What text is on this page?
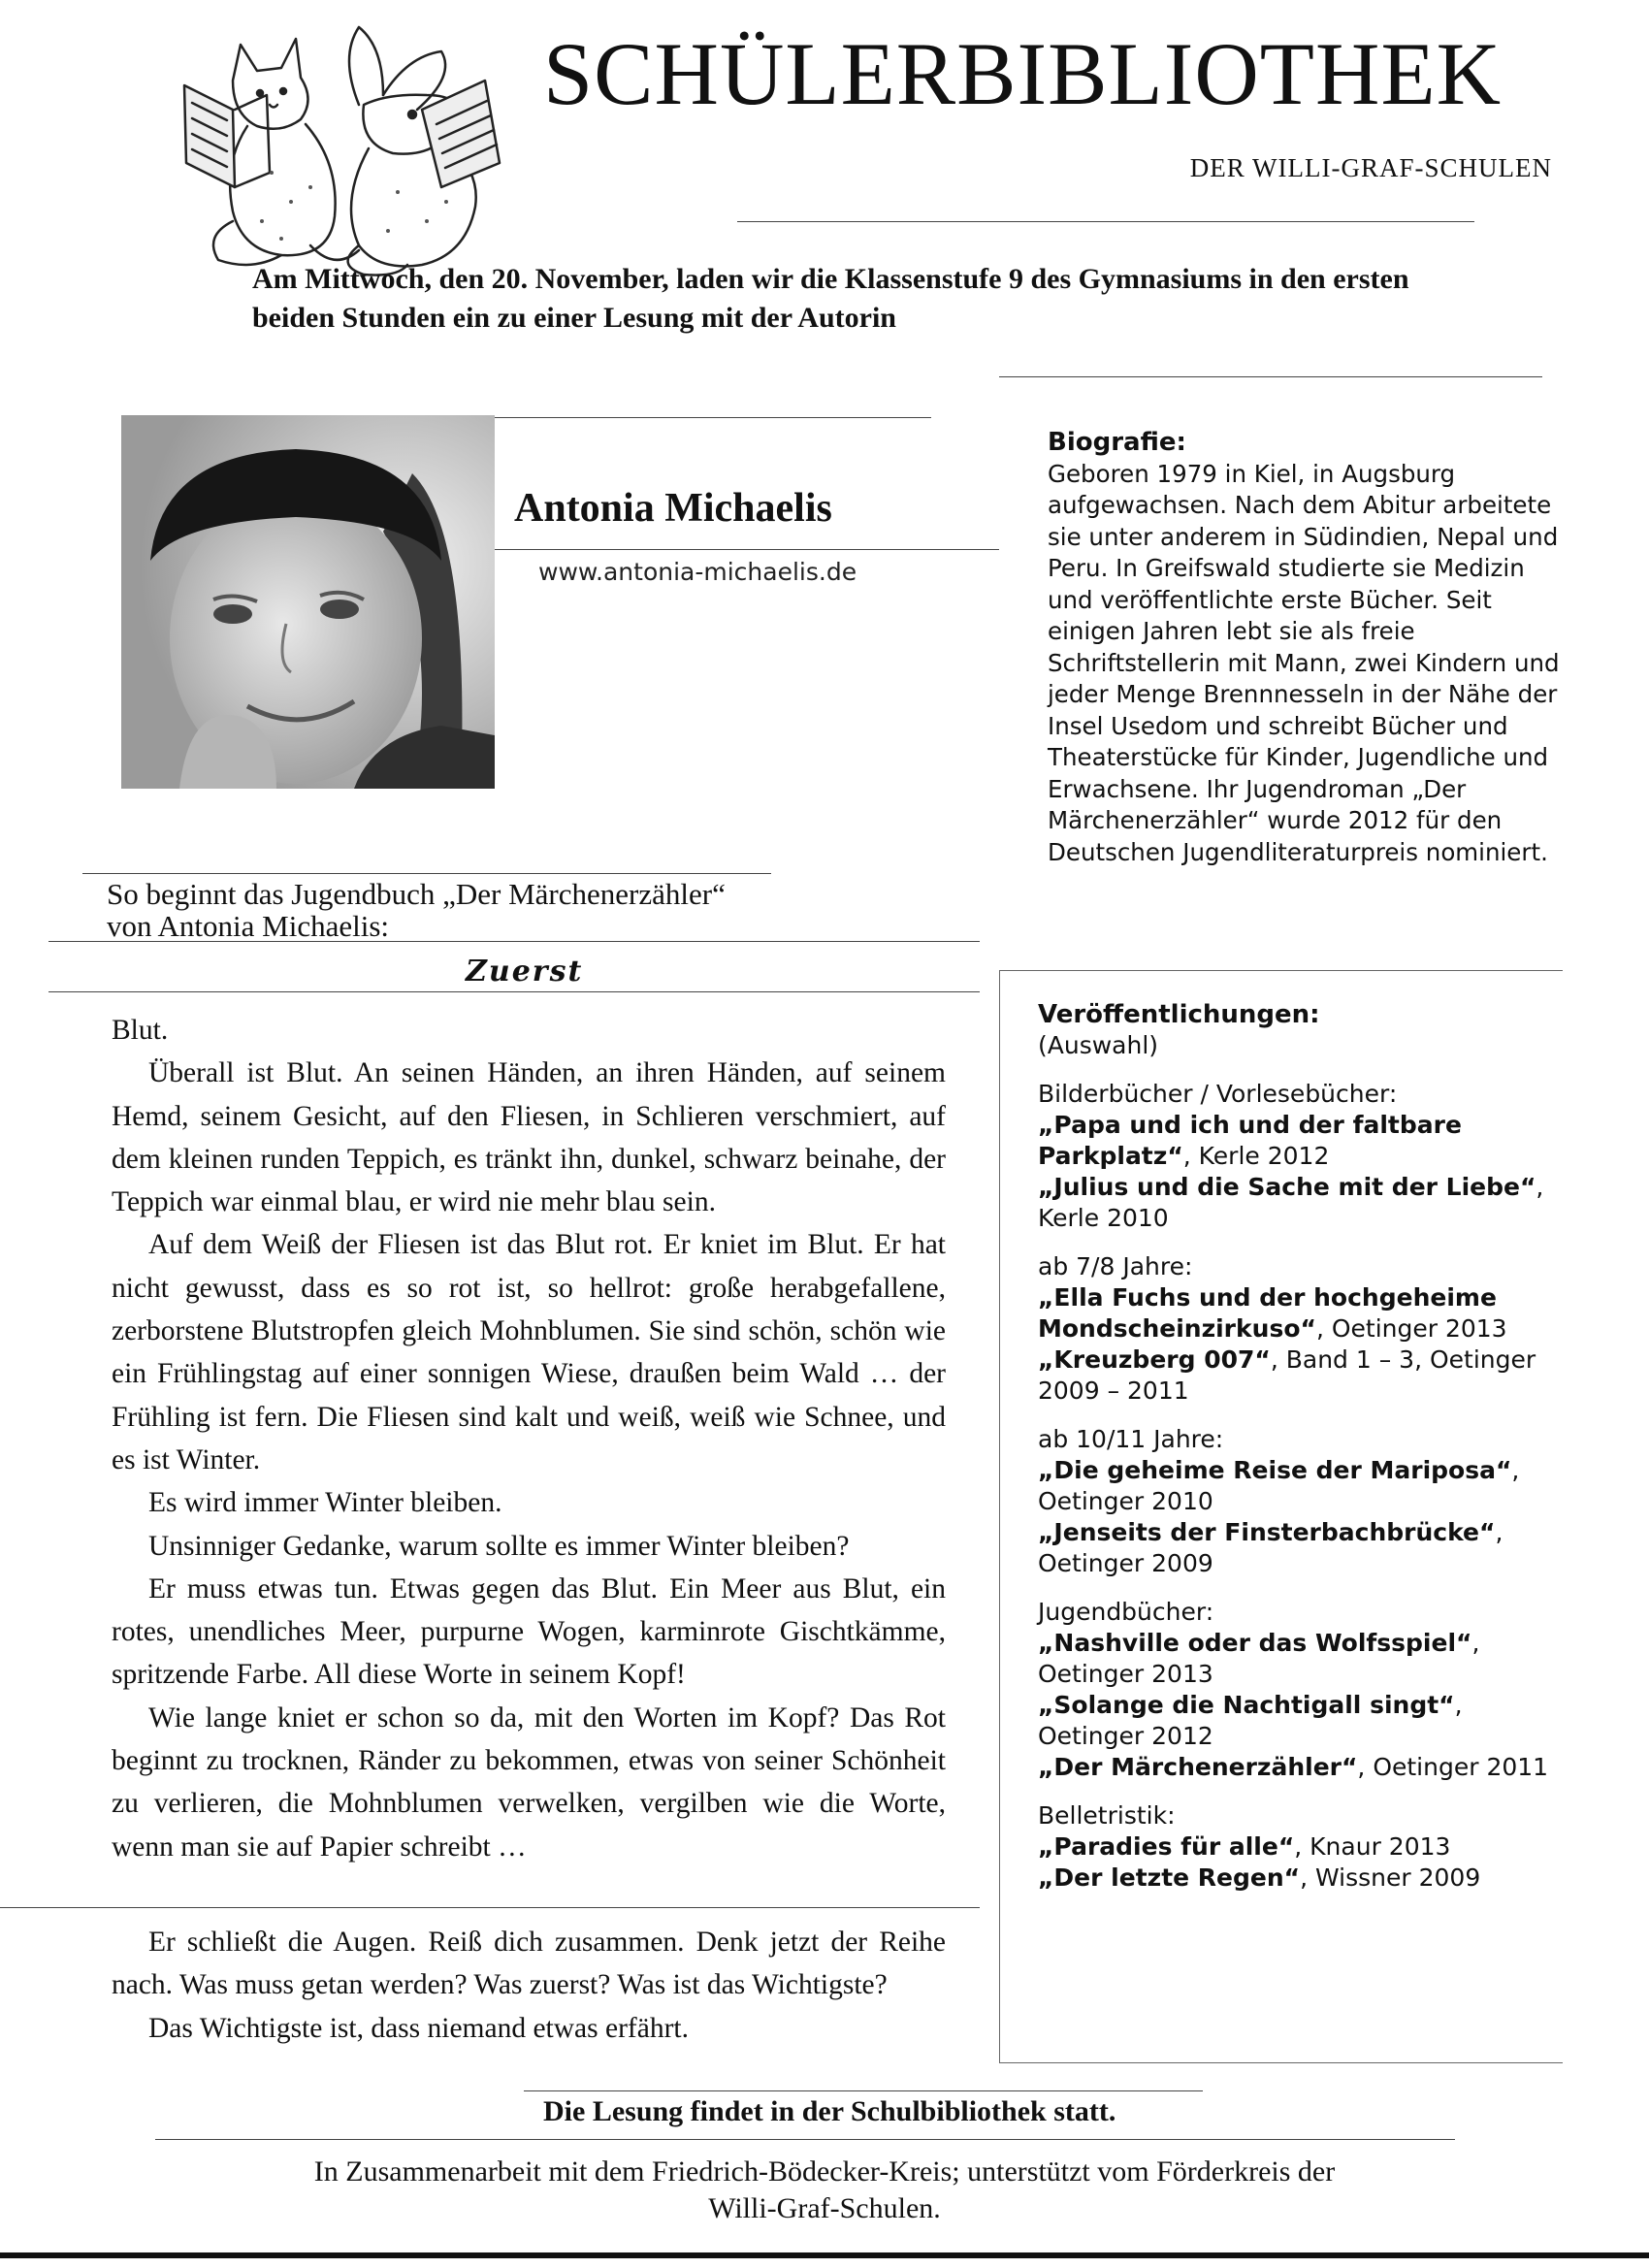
SCHÜLERBIBLIOTHEK
DER WILLI-GRAF-SCHULEN
Am Mittwoch, den 20. November, laden wir die Klassenstufe 9 des Gymnasiums in den ersten beiden Stunden ein zu einer Lesung mit der Autorin
Antonia Michaelis
www.antonia-michaelis.de
Biografie:
Geboren 1979 in Kiel, in Augsburg aufgewachsen. Nach dem Abitur arbeitete sie unter anderem in Südindien, Nepal und Peru. In Greifswald studierte sie Medizin und veröffentlichte erste Bücher. Seit einigen Jahren lebt sie als freie Schriftstellerin mit Mann, zwei Kindern und jeder Menge Brennnesseln in der Nähe der Insel Usedom und schreibt Bücher und Theaterstücke für Kinder, Jugendliche und Erwachsene. Ihr Jugendroman „Der Märchenerzähler“ wurde 2012 für den Deutschen Jugendliteraturpreis nominiert.
Veröffentlichungen:
(Auswahl)
Bilderbücher / Vorlesebücher:
„Papa und ich und der faltbare Parkplatz“, Kerle 2012
„Julius und die Sache mit der Liebe“, Kerle 2010
ab 7/8 Jahre:
„Ella Fuchs und der hochgeheime Mondscheinzirkuso“, Oetinger 2013
„Kreuzberg 007“, Band 1 – 3, Oetinger 2009 – 2011
ab 10/11 Jahre:
„Die geheime Reise der Mariposa“, Oetinger 2010
„Jenseits der Finsterbachbrücke“, Oetinger 2009
Jugendbücher:
„Nashville oder das Wolfsspiel“, Oetinger 2013
„Solange die Nachtigall singt“, Oetinger 2012
„Der Märchenerzähler“, Oetinger 2011
Belletristik:
„Paradies für alle“, Knaur 2013
„Der letzte Regen“, Wissner 2009
So beginnt das Jugendbuch „Der Märchenerzähler“
von Antonia Michaelis:
Zuerst

Blut.

Überall ist Blut. An seinen Händen, an ihren Händen, auf seinem Hemd, seinem Gesicht, auf den Fliesen, in Schlieren verschmiert, auf dem kleinen runden Teppich, es tränkt ihn, dunkel, schwarz beinahe, der Teppich war einmal blau, er wird nie mehr blau sein.

Auf dem Weiß der Fliesen ist das Blut rot. Er kniet im Blut. Er hat nicht gewusst, dass es so rot ist, so hellrot: große herabgefallene, zerborstene Blutstropfen gleich Mohnblumen. Sie sind schön, schön wie ein Frühlingstag auf einer sonnigen Wiese, draußen beim Wald … der Frühling ist fern. Die Fliesen sind kalt und weiß, weiß wie Schnee, und es ist Winter.

Es wird immer Winter bleiben.

Unsinniger Gedanke, warum sollte es immer Winter bleiben?

Er muss etwas tun. Etwas gegen das Blut. Ein Meer aus Blut, ein rotes, unendliches Meer, purpurne Wogen, karminrote Gischtkämme, spritzende Farbe. All diese Worte in seinem Kopf!

Wie lange kniet er schon so da, mit den Worten im Kopf? Das Rot beginnt zu trocknen, Ränder zu bekommen, etwas von seiner Schönheit zu verlieren, die Mohnblumen verwelken, vergilben wie die Worte, wenn man sie auf Papier schreibt …

Er schließt die Augen. Reiß dich zusammen. Denk jetzt der Reihe nach. Was muss getan werden? Was zuerst? Was ist das Wichtigste?

Das Wichtigste ist, dass niemand etwas erfährt.

Die Lesung findet in der Schulbibliothek statt.
In Zusammenarbeit mit dem Friedrich-Bödecker-Kreis; unterstützt vom Förderkreis der
Willi-Graf-Schulen.
